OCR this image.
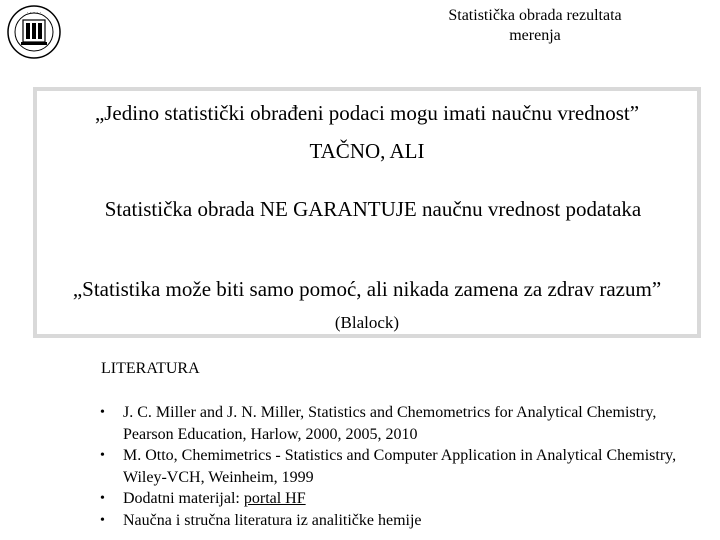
· · · · ·	Statistička obrada rezultata
merenja
„Jedino statistički obrađeni podaci mogu imati naučnu vrednost”
TAČNO, ALI
Statistička obrada NE GARANTUJE naučnu vrednost podataka
„Statistika može biti samo pomoć, ali nikada zamena za zdrav razum”
(Blalock)
LITERATURA
• J. C. Miller and J. N. Miller, Statistics and Chemometrics for Analytical Chemistry, Pearson Education, Harlow, 2000, 2005, 2010
• M. Otto, Chemimetrics - Statistics and Computer Application in Analytical Chemistry, Wiley-VCH, Weinheim, 1999
• Dodatni materijal: portal HF
• Naučna i stručna literatura iz analitičke hemije
